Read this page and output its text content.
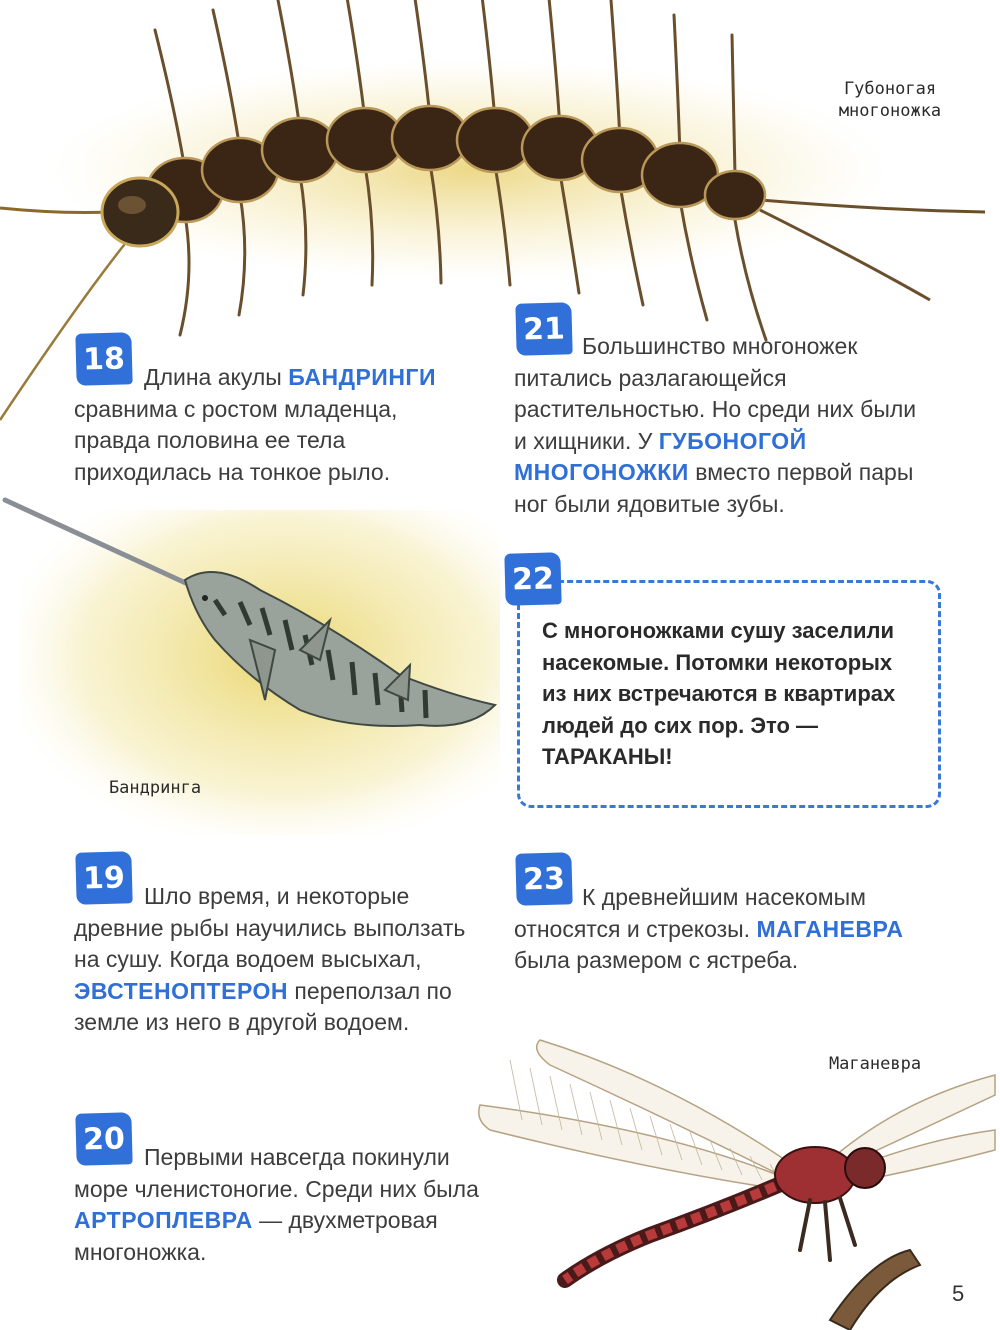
Губоногая
многоножка
Бандринга
Маганевра
18 Длина акулы БАНДРИНГИ сравнима с ростом младенца, правда половина ее тела приходилась на тонкое рыло.

19 Шло время, и некоторые древние рыбы научились выползать на сушу. Когда водоем высыхал, ЭВСТЕНОПТЕРОН переползал по земле из него в другой водоем.

20 Первыми навсегда покинули море членистоногие. Среди них была АРТРОПЛЕВРА — двухметровая многоножка.

21 Большинство многоножек питались разлагающейся растительностью. Но среди них были и хищники. У ГУБОНОГОЙ МНОГОНОЖКИ вместо первой пары ног были ядовитые зубы.

С многоножками сушу заселили насекомые. Потомки некоторых из них встречаются в квартирах людей до сих пор. Это — ТАРАКАНЫ!

22
23 К древнейшим насекомым относятся и стрекозы. МАГАНЕВРА была размером с ястреба.

5
